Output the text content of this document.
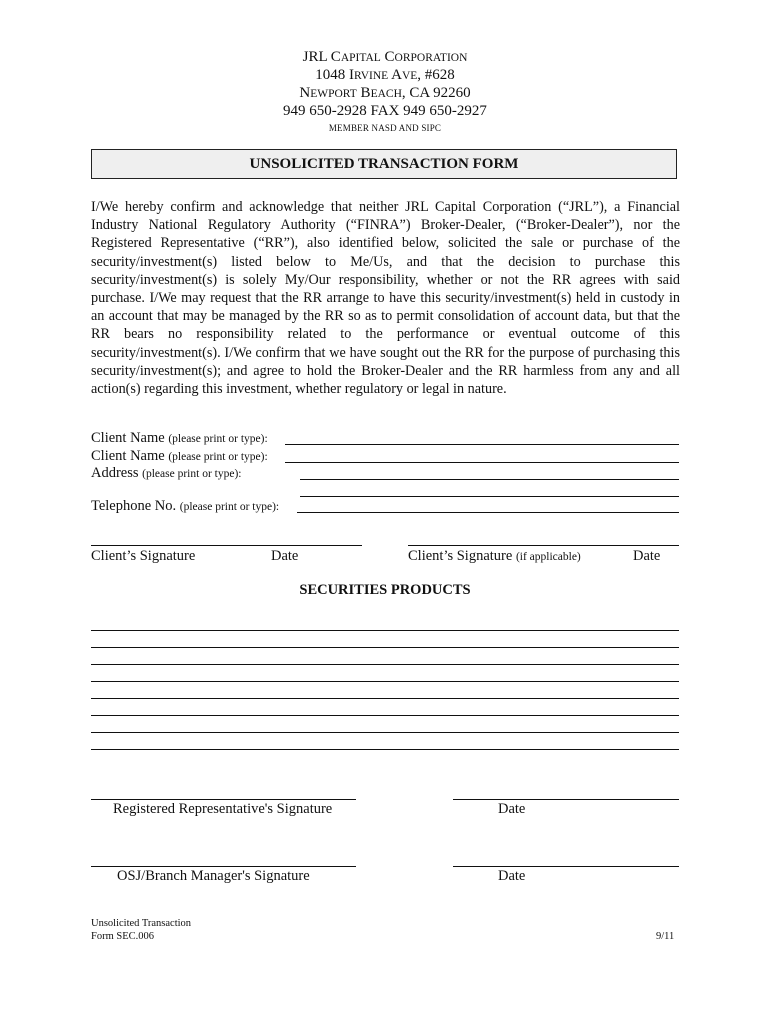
JRL CAPITAL CORPORATION
1048 IRVINE AVE, #628
NEWPORT BEACH, CA 92260
949 650-2928 FAX 949 650-2927
MEMBER NASD AND SIPC
UNSOLICITED TRANSACTION FORM
I/We hereby confirm and acknowledge that neither JRL Capital Corporation (“JRL”), a Financial Industry National Regulatory Authority (“FINRA”) Broker-Dealer, (“Broker-Dealer”), nor the Registered Representative (“RR”), also identified below, solicited the sale or purchase of the security/investment(s) listed below to Me/Us, and that the decision to purchase this security/investment(s) is solely My/Our responsibility, whether or not the RR agrees with said purchase. I/We may request that the RR arrange to have this security/investment(s) held in custody in an account that may be managed by the RR so as to permit consolidation of account data, but that the RR bears no responsibility related to the performance or eventual outcome of this security/investment(s). I/We confirm that we have sought out the RR for the purpose of purchasing this security/investment(s); and agree to hold the Broker-Dealer and the RR harmless from any and all action(s) regarding this investment, whether regulatory or legal in nature.
Client Name (please print or type):
Client Name (please print or type):
Address (please print or type):
Telephone No. (please print or type):
Client’s Signature	Date	Client’s Signature (if applicable)	Date
SECURITIES PRODUCTS
Registered Representative's Signature	Date
OSJ/Branch Manager's Signature	Date
Unsolicited Transaction
Form SEC.006	9/11
